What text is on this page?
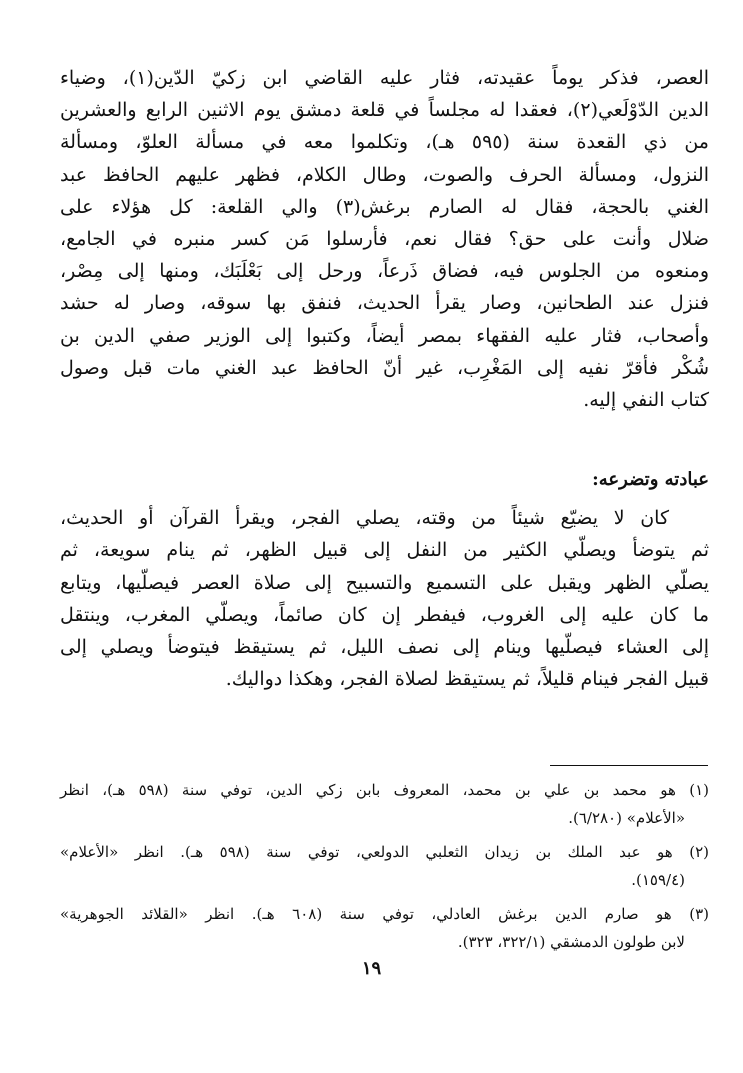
العصر، فذكر يوماً عقيدته، فثار عليه القاضي ابن زكيّ الدّين(١)، وضياء
الدين الدّوْلَعي(٢)، فعقدا له مجلساً في قلعة دمشق يوم الاثنين الرابع والعشرين
من ذي القعدة سنة (٥٩٥ هـ)، وتكلموا معه في مسألة العلوّ، ومسألة
النزول، ومسألة الحرف والصوت، وطال الكلام، فظهر عليهم الحافظ عبد
الغني بالحجة، فقال له الصارم برغش(٣) والي القلعة: كل هؤلاء على
ضلال وأنت على حق؟ فقال نعم، فأرسلوا مَن كسر منبره في الجامع،
ومنعوه من الجلوس فيه، فضاق ذَرعاً، ورحل إلى بَعْلَبَك، ومنها إلى مِصْر،
فنزل عند الطحانين، وصار يقرأ الحديث، فنفق بها سوقه، وصار له حشد
وأصحاب، فثار عليه الفقهاء بمصر أيضاً، وكتبوا إلى الوزير صفي الدين بن
شُكْر فأقرّ نفيه إلى المَغْرِب، غير أنّ الحافظ عبد الغني مات قبل وصول
كتاب النفي إليه.
عبادته وتضرعه:
كان لا يضيّع شيئاً من وقته، يصلي الفجر، ويقرأ القرآن أو الحديث،
ثم يتوضأ ويصلّي الكثير من النفل إلى قبيل الظهر، ثم ينام سويعة، ثم
يصلّي الظهر ويقبل على التسميع والتسبيح إلى صلاة العصر فيصلّيها، ويتابع
ما كان عليه إلى الغروب، فيفطر إن كان صائماً، ويصلّي المغرب، وينتقل
إلى العشاء فيصلّيها وينام إلى نصف الليل، ثم يستيقظ فيتوضأ ويصلي إلى
قبيل الفجر فينام قليلاً، ثم يستيقظ لصلاة الفجر، وهكذا دواليك.
(١) هو محمد بن علي بن محمد، المعروف بابن زكي الدين، توفي سنة (٥٩٨ هـ)، انظر
«الأعلام» (٦/٢٨٠).
(٢) هو عبد الملك بن زيدان الثعلبي الدولعي، توفي سنة (٥٩٨ هـ). انظر «الأعلام»
(١٥٩/٤).
(٣) هو صارم الدين برغش العادلي، توفي سنة (٦٠٨ هـ). انظر «القلائد الجوهرية»
لابن طولون الدمشقي (٣٢٢/١، ٣٢٣).
١٩
